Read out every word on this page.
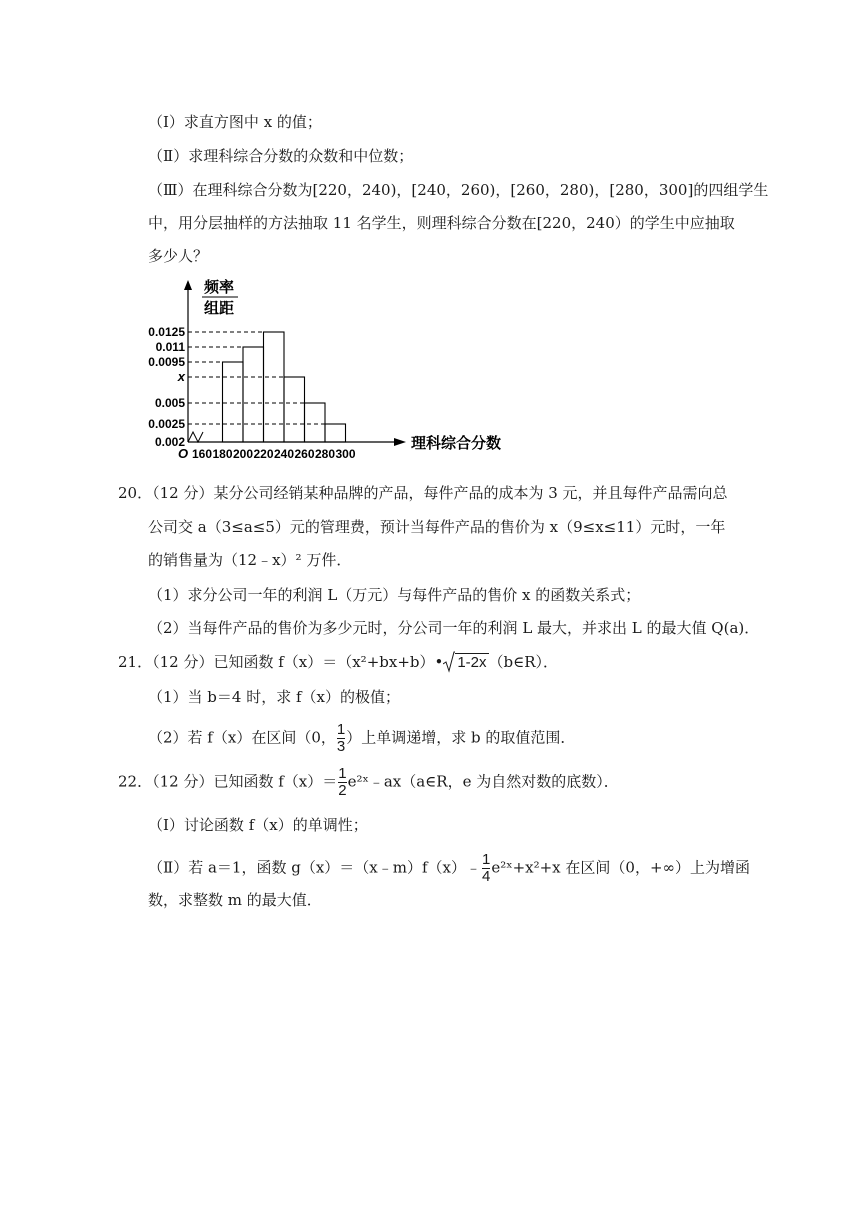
（Ⅰ）求直方图中 x 的值；
（Ⅱ）求理科综合分数的众数和中位数；
（Ⅲ）在理科综合分数为[220，240)，[240，260)，[260，280)，[280，300]的四组学生
中，用分层抽样的方法抽取 11 名学生，则理科综合分数在[220，240）的学生中应抽取
多少人？
频率
组距
0.0125
0.011
0.0095
x
0.005
0.0025
0.002
O 160 180 200 220 240 260 280 300
理科综合分数
20．（12 分）某分公司经销某种品牌的产品，每件产品的成本为 3 元，并且每件产品需向总
公司交 a（3≤a≤5）元的管理费，预计当每件产品的售价为 x（9≤x≤11）元时，一年
的销售量为（12﹣x）² 万件．
（1）求分公司一年的利润 L（万元）与每件产品的售价 x 的函数关系式；
（2）当每件产品的售价为多少元时，分公司一年的利润 L 最大，并求出 L 的最大值 Q(a)．
21．（12 分）已知函数 f（x）＝（x²+bx+b）• 1-2x （b∈R）．
（1）当 b＝4 时，求 f（x）的极值；
（2）若 f（x）在区间（0， $\frac{1}{3}$ ）上单调递增，求 b 的取值范围．
22．（12 分）已知函数 $f(x)= \frac{1}{2}$ e²ˣ﹣ax（a∈R，e 为自然对数的底数）．
（Ⅰ）讨论函数 f（x）的单调性；
（Ⅱ）若 a＝1，函数 g（x）＝（x﹣m）f（x）﹣ $\frac{1}{4}$ e²ˣ+x²+x 在区间（0，+∞）上为增函
数，求整数 m 的最大值．
